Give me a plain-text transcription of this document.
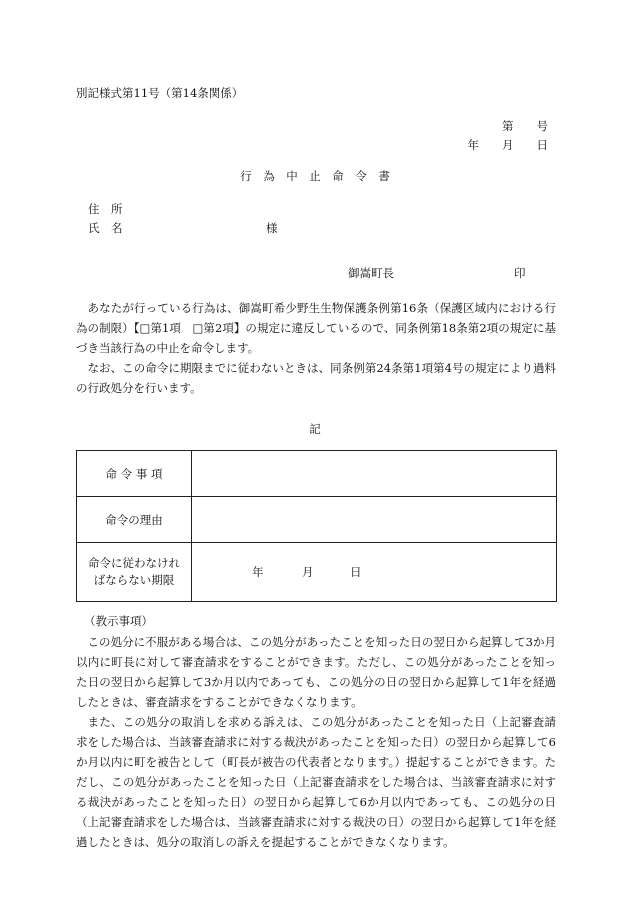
別記様式第11号（第14条関係）
第　　号
年　　月　　日
行　為　中　止　命　令　書
住　所
氏　名	様
御嵩町長	印

あなたが行っている行為は、御嵩町希少野生生物保護条例第16条（保護区域内における行為の制限）【□第1項　□第2項】の規定に違反しているので、同条例第18条第2項の規定に基づき当該行為の中止を命令します。

なお、この命令に期限までに従わないときは、同条例第24条第1項第4号の規定により過料の行政処分を行います。

記
命 令 事 項	
命令の理由	

命令に従わなけれ
ばならない期限	年 月 日
（教示事項）

この処分に不服がある場合は、この処分があったことを知った日の翌日から起算して3か月以内に町長に対して審査請求をすることができます。ただし、この処分があったことを知った日の翌日から起算して3か月以内であっても、この処分の日の翌日から起算して1年を経過したときは、審査請求をすることができなくなります。

また、この処分の取消しを求める訴えは、この処分があったことを知った日（上記審査請求をした場合は、当該審査請求に対する裁決があったことを知った日）の翌日から起算して6か月以内に町を被告として（町長が被告の代表者となります。）提起することができます。ただし、この処分があったことを知った日（上記審査請求をした場合は、当該審査請求に対する裁決があったことを知った日）の翌日から起算して6か月以内であっても、この処分の日（上記審査請求をした場合は、当該審査請求に対する裁決の日）の翌日から起算して1年を経過したときは、処分の取消しの訴えを提起することができなくなります。
